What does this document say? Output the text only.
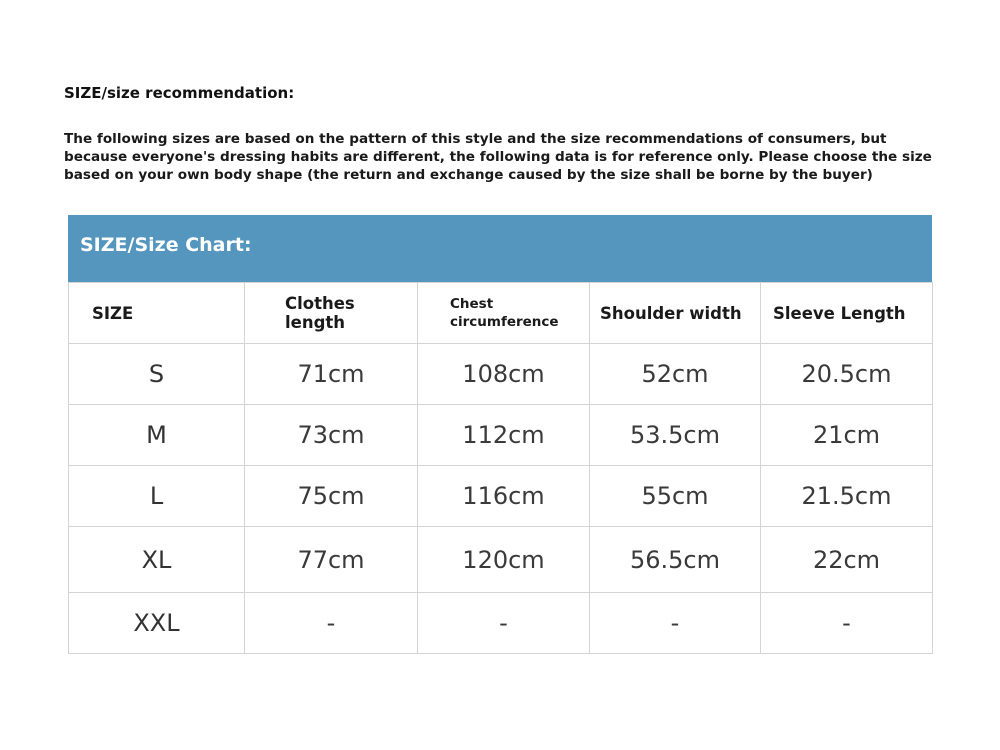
SIZE/size recommendation:
The following sizes are based on the pattern of this style and the size recommendations of consumers, but because everyone's dressing habits are different, the following data is for reference only. Please choose the size based on your own body shape (the return and exchange caused by the size shall be borne by the buyer)
SIZE/Size Chart:
SIZE	Clothes length	Chest circumference	Shoulder width	Sleeve Length
S	71cm	108cm	52cm	20.5cm
M	73cm	112cm	53.5cm	21cm
L	75cm	116cm	55cm	21.5cm
XL	77cm	120cm	56.5cm	22cm
XXL	-	-	-	-
